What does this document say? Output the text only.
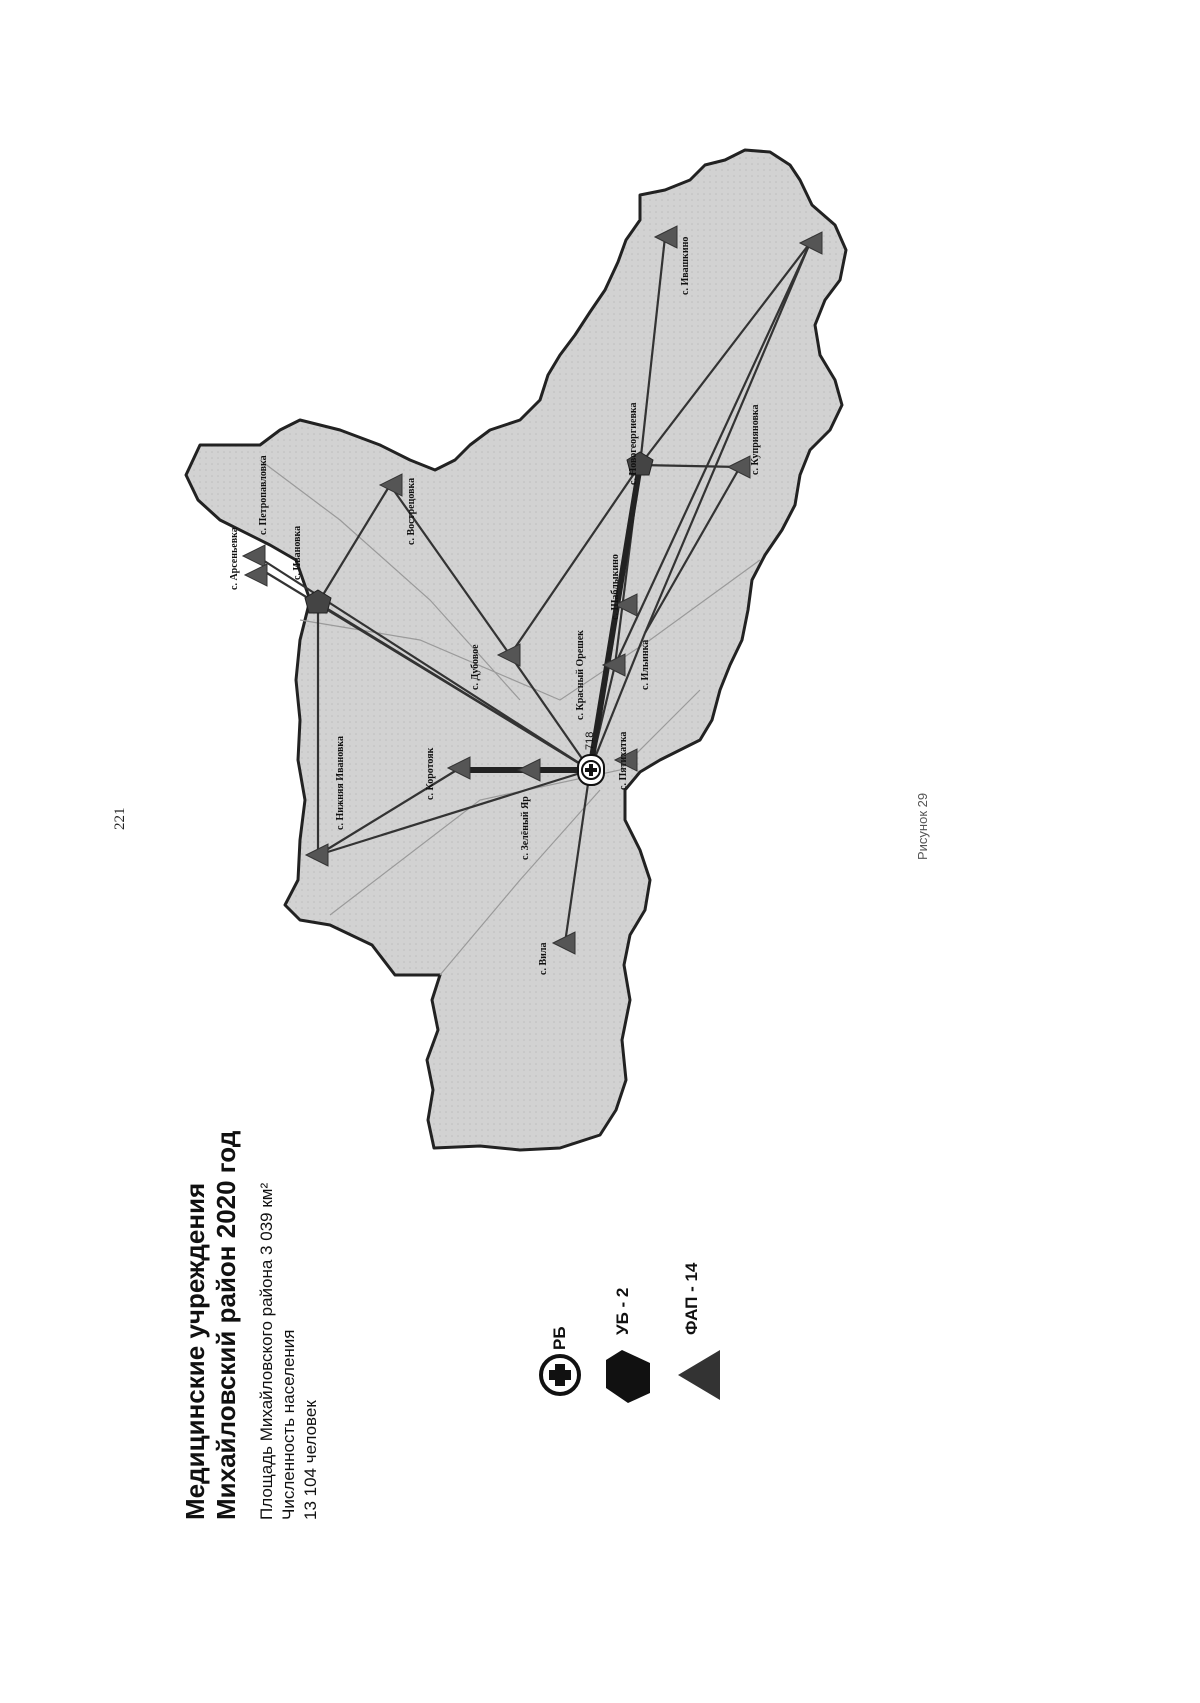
221

Медицинские учреждения Михайловский район 2020 год Площадь Михайловского района 3 039 км² Численность населения 13 104 человек

РБ
УБ - 2	ФАП - 14
718
с. Арсеньевка
с. Петропавловка
с. Ивановка
с. Вострецовка
с. Дубовое
с. Нижняя Ивановка	с. Коротояк
с. Зелёный Яр
с. Пятихатка
с. Шаблыкино
с. Красный Орешек
с. Новогеоргиевка	с. Куприяновка
с. Ивашкино
с. Ильинка
с. Вила
Рисунок 29
